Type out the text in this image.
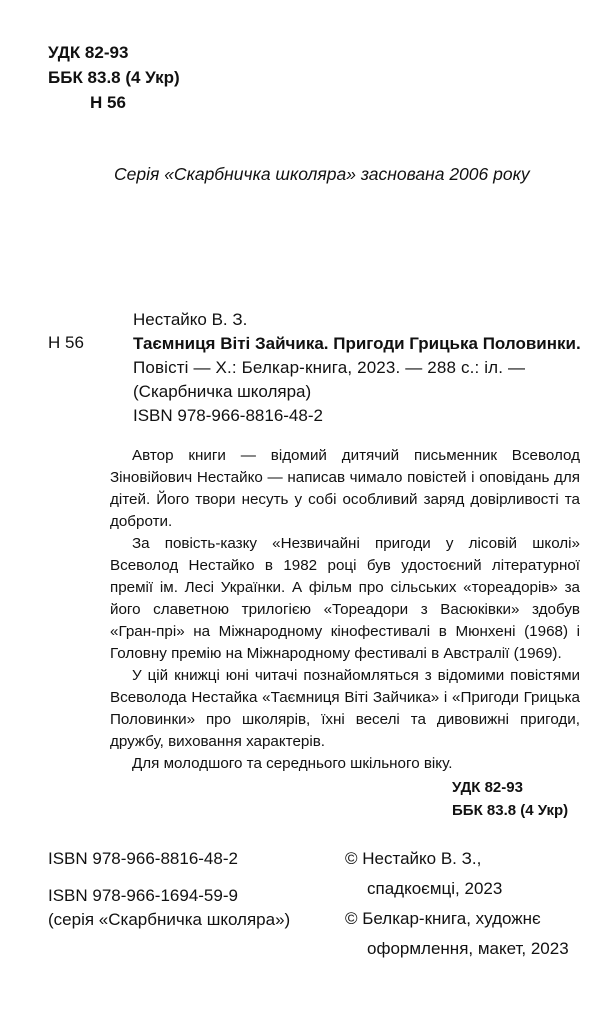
УДК 82-93
ББК 83.8 (4 Укр)
Н 56
Серія «Скарбничка школяра» заснована 2006 року
Н 56
Нестайко В. З.
Таємниця Віті Зайчика. Пригоди Грицька Половинки.
Повісті — Х.: Белкар-книга, 2023. — 288 с.: іл. —
(Скарбничка школяра)
ISBN 978-966-8816-48-2

Автор книги — відомий дитячий письменник Всеволод Зіновійович Нестайко — написав чимало повістей і оповідань для дітей. Його твори несуть у собі особливий заряд довірливості та доброти.

За повість-казку «Незвичайні пригоди у лісовій школі» Всеволод Нестайко в 1982 році був удостоєний літературної премії ім. Лесі Українки. А фільм про сільських «тореадорів» за його славетною трилогією «Тореадори з Васюківки» здобув «Гран-прі» на Міжнародному кінофестивалі в Мюнхені (1968) і Головну премію на Міжнародному фестивалі в Австралії (1969).

У цій книжці юні читачі познайомляться з відомими повістями Всеволода Нестайка «Таємниця Віті Зайчика» і «Пригоди Грицька Половинки» про школярів, їхні веселі та дивовижні пригоди, дружбу, виховання характерів.

Для молодшого та середнього шкільного віку.

УДК 82-93
ББК 83.8 (4 Укр)
ISBN 978-966-8816-48-2
ISBN 978-966-1694-59-9
(серія «Скарбничка школяра»)
© Нестайко В. З.,
спадкоємці, 2023
© Белкар-книга, художнє
оформлення, макет, 2023
